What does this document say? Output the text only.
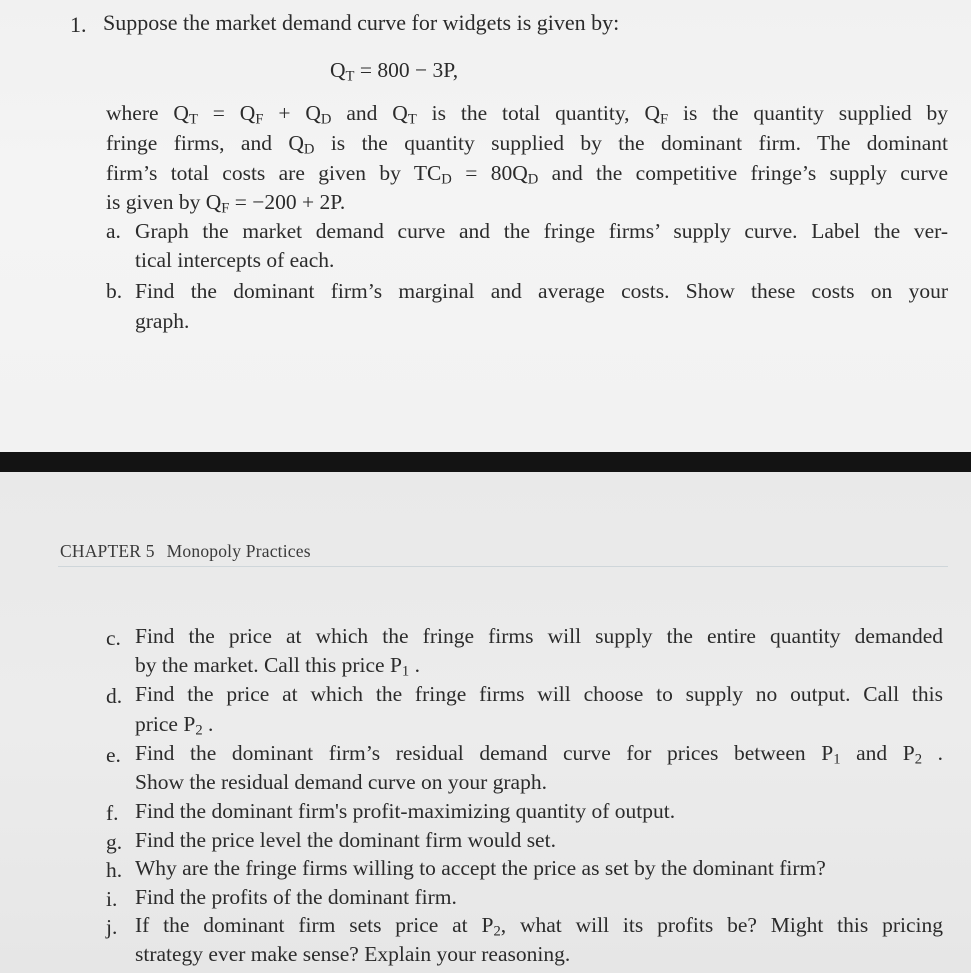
1. Suppose the market demand curve for widgets is given by:
$Q_T = 800 - 3P$,
where $Q_T = Q_F + Q_D$ and $Q_T$ is the total quantity, $Q_F$ is the quantity supplied by
fringe firms, and $Q_D$ is the quantity supplied by the dominant firm. The dominant
firm’s total costs are given by $TC_D = 80Q_D$ and the competitive fringe’s supply curve
is given by $Q_F = -200 + 2P$.
a. Graph the market demand curve and the fringe firms’ supply curve. Label the ver-
tical intercepts of each.
b. Find the dominant firm’s marginal and average costs. Show these costs on your
graph.
CHAPTER 5 Monopoly Practices
c. Find the price at which the fringe firms will supply the entire quantity demanded
by the market. Call this price $P_1$ .
d. Find the price at which the fringe firms will choose to supply no output. Call this
price $P_2$ .
e. Find the dominant firm’s residual demand curve for prices between $P_1$ and $P_2$ .
Show the residual demand curve on your graph.
f. Find the dominant firm's profit-maximizing quantity of output.
g. Find the price level the dominant firm would set.
h. Why are the fringe firms willing to accept the price as set by the dominant firm?
i. Find the profits of the dominant firm.
j. If the dominant firm sets price at $P_2$, what will its profits be? Might this pricing
strategy ever make sense? Explain your reasoning.
